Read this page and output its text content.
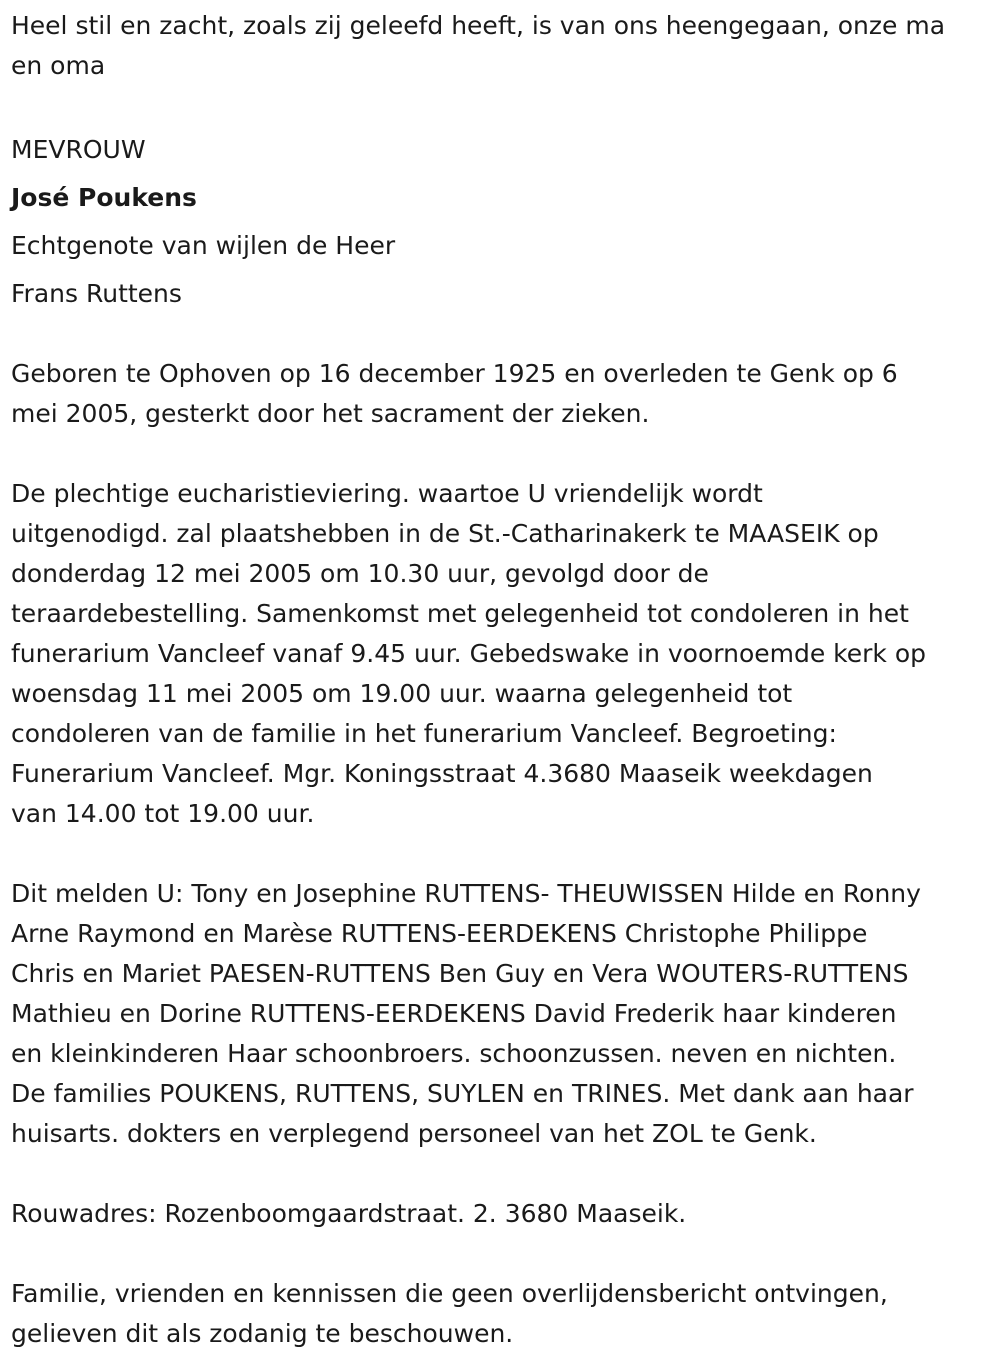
Heel stil en zacht, zoals zij geleefd heeft, is van ons heengegaan, onze ma
en oma

MEVROUW

José Poukens

Echtgenote van wijlen de Heer

Frans Ruttens

Geboren te Ophoven op 16 december 1925 en overleden te Genk op 6
mei 2005, gesterkt door het sacrament der zieken.
De plechtige eucharistieviering. waartoe U vriendelijk wordt
uitgenodigd. zal plaatshebben in de St.-Catharinakerk te MAASEIK op
donderdag 12 mei 2005 om 10.30 uur, gevolgd door de
teraardebestelling. Samenkomst met gelegenheid tot condoleren in het
funerarium Vancleef vanaf 9.45 uur. Gebedswake in voornoemde kerk op
woensdag 11 mei 2005 om 19.00 uur. waarna gelegenheid tot
condoleren van de familie in het funerarium Vancleef. Begroeting:
Funerarium Vancleef. Mgr. Koningsstraat 4.3680 Maaseik weekdagen
van 14.00 tot 19.00 uur.
Dit melden U: Tony en Josephine RUTTENS- THEUWISSEN Hilde en Ronny
Arne Raymond en Marèse RUTTENS-EERDEKENS Christophe Philippe
Chris en Mariet PAESEN-RUTTENS Ben Guy en Vera WOUTERS-RUTTENS
Mathieu en Dorine RUTTENS-EERDEKENS David Frederik haar kinderen
en kleinkinderen Haar schoonbroers. schoonzussen. neven en nichten.
De families POUKENS, RUTTENS, SUYLEN en TRINES. Met dank aan haar
huisarts. dokters en verplegend personeel van het ZOL te Genk.
Rouwadres: Rozenboomgaardstraat. 2. 3680 Maaseik.
Familie, vrienden en kennissen die geen overlijdensbericht ontvingen,
gelieven dit als zodanig te beschouwen.
